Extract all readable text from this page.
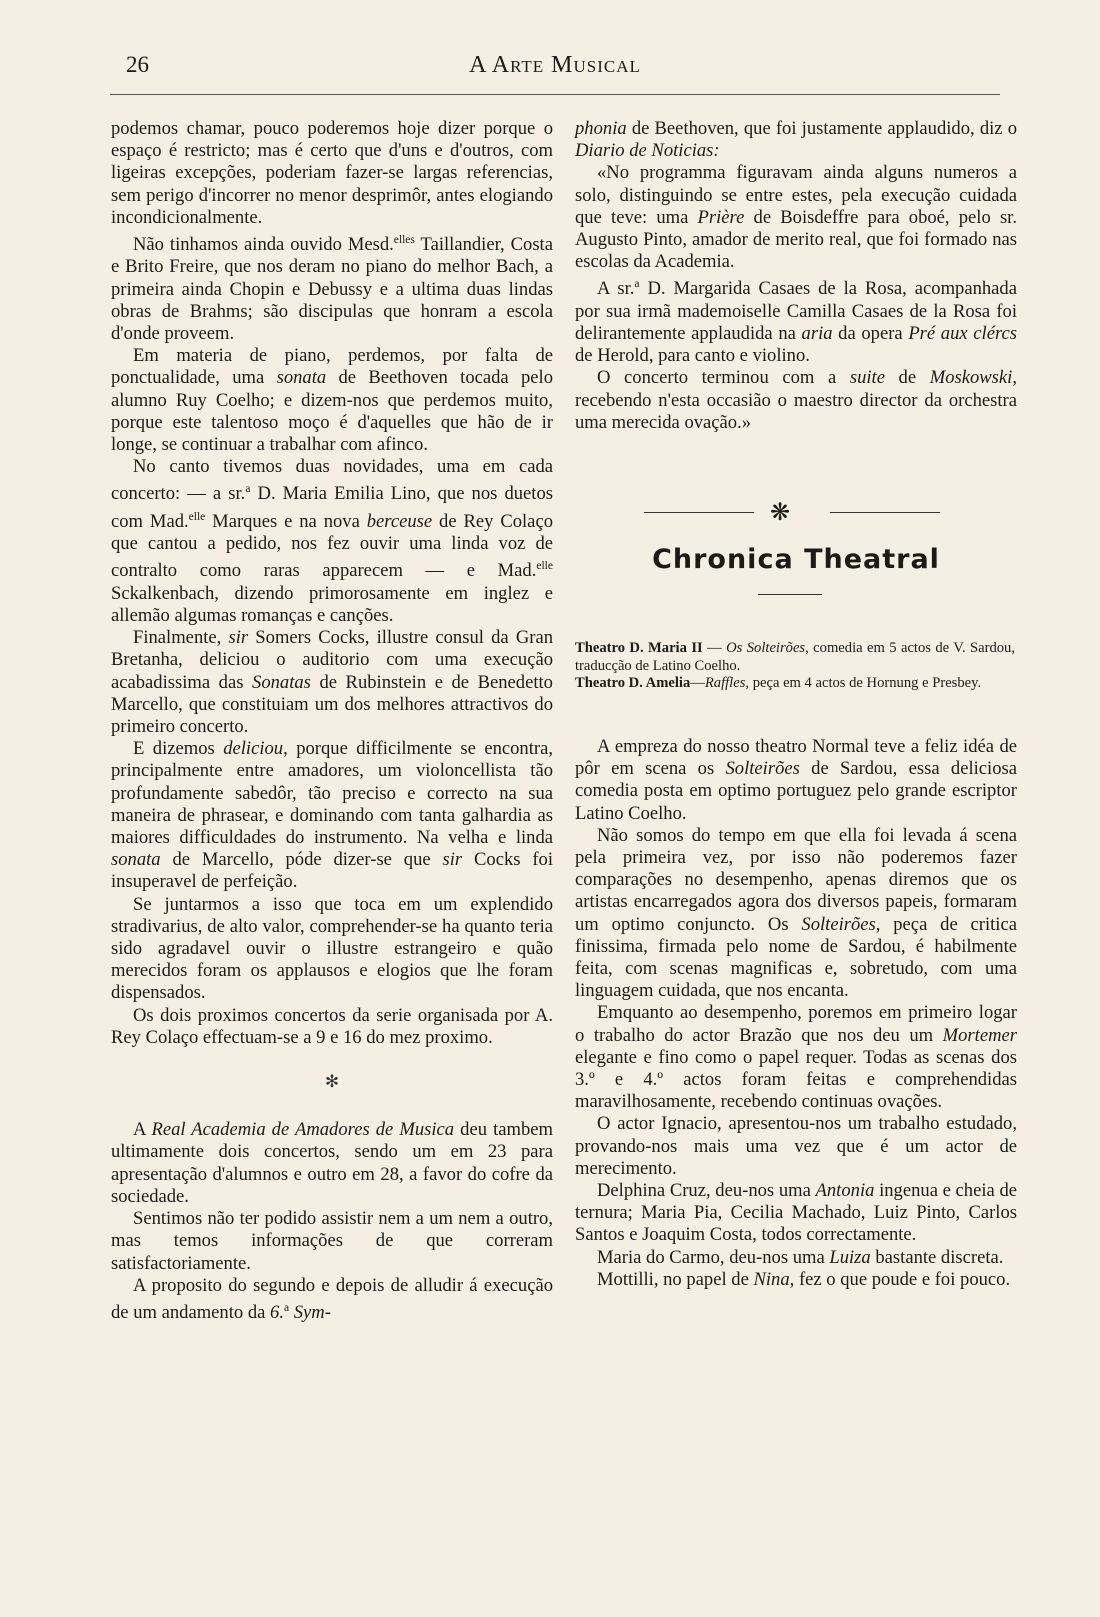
26	A Arte Musical

podemos chamar, pouco poderemos hoje dizer porque o espaço é restricto; mas é certo que d'uns e d'outros, com ligeiras excepções, poderiam fazer-se largas referencias, sem perigo d'incorrer no menor desprimôr, antes elogiando incondicionalmente.

Não tinhamos ainda ouvido Mesd.$^{elles}$ Taillandier, Costa e Brito Freire, que nos deram no piano do melhor Bach, a primeira ainda Chopin e Debussy e a ultima duas lindas obras de Brahms; são discipulas que honram a escola d'onde proveem.

Em materia de piano, perdemos, por falta de ponctualidade, uma sonata de Beethoven tocada pelo alumno Ruy Coelho; e dizem-nos que perdemos muito, porque este talentoso moço é d'aquelles que hão de ir longe, se continuar a trabalhar com afinco.

No canto tivemos duas novidades, uma em cada concerto: — a sr.$^a$ D. Maria Emilia Lino, que nos duetos com Mad.$^{elle}$ Marques e na nova berceuse de Rey Colaço que cantou a pedido, nos fez ouvir uma linda voz de contralto como raras apparecem — e Mad.$^{elle}$ Sckalkenbach, dizendo primorosamente em inglez e allemão algumas romanças e canções.

Finalmente, sir Somers Cocks, illustre consul da Gran Bretanha, deliciou o auditorio com uma execução acabadissima das Sonatas de Rubinstein e de Benedetto Marcello, que constituiam um dos melhores attractivos do primeiro concerto.

E dizemos deliciou, porque difficilmente se encontra, principalmente entre amadores, um violoncellista tão profundamente sabedôr, tão preciso e correcto na sua maneira de phrasear, e dominando com tanta galhardia as maiores difficuldades do instrumento. Na velha e linda sonata de Marcello, póde dizer-se que sir Cocks foi insuperavel de perfeição.

Se juntarmos a isso que toca em um explendido stradivarius, de alto valor, comprehender-se ha quanto teria sido agradavel ouvir o illustre estrangeiro e quão merecidos foram os applausos e elogios que lhe foram dispensados.

Os dois proximos concertos da serie organisada por A. Rey Colaço effectuam-se a 9 e 16 do mez proximo.

✻

A Real Academia de Amadores de Musica deu tambem ultimamente dois concertos, sendo um em 23 para apresentação d'alumnos e outro em 28, a favor do cofre da sociedade.

Sentimos não ter podido assistir nem a um nem a outro, mas temos informações de que correram satisfactoriamente.

A proposito do segundo e depois de alludir á execução de um andamento da 6.$^a$ Sym-

phonia de Beethoven, que foi justamente applaudido, diz o Diario de Noticias:

«No programma figuravam ainda alguns numeros a solo, distinguindo se entre estes, pela execução cuidada que teve: uma Prière de Boisdeffre para oboé, pelo sr. Augusto Pinto, amador de merito real, que foi formado nas escolas da Academia.

A sr.$^a$ D. Margarida Casaes de la Rosa, acompanhada por sua irmã mademoiselle Camilla Casaes de la Rosa foi delirantemente applaudida na aria da opera Pré aux clércs de Herold, para canto e violino.

O concerto terminou com a suite de Moskowski, recebendo n'esta occasião o maestro director da orchestra uma merecida ovação.»

❋
Chronica Theatral

Theatro D. Maria II — Os Solteirões, comedia em 5 actos de V. Sardou, traducção de Latino Coelho.

Theatro D. Amelia—Raffles, peça em 4 actos de Hornung e Presbey.

A empreza do nosso theatro Normal teve a feliz idéa de pôr em scena os Solteirões de Sardou, essa deliciosa comedia posta em optimo portuguez pelo grande escriptor Latino Coelho.

Não somos do tempo em que ella foi levada á scena pela primeira vez, por isso não poderemos fazer comparações no desempenho, apenas diremos que os artistas encarregados agora dos diversos papeis, formaram um optimo conjuncto. Os Solteirões, peça de critica finissima, firmada pelo nome de Sardou, é habilmente feita, com scenas magnificas e, sobretudo, com uma linguagem cuidada, que nos encanta.

Emquanto ao desempenho, poremos em primeiro logar o trabalho do actor Brazão que nos deu um Mortemer elegante e fino como o papel requer. Todas as scenas dos 3.º e 4.º actos foram feitas e comprehendidas maravilhosamente, recebendo continuas ovações.

O actor Ignacio, apresentou-nos um trabalho estudado, provando-nos mais uma vez que é um actor de merecimento.

Delphina Cruz, deu-nos uma Antonia ingenua e cheia de ternura; Maria Pia, Cecilia Machado, Luiz Pinto, Carlos Santos e Joaquim Costa, todos correctamente.

Maria do Carmo, deu-nos uma Luiza bastante discreta.

Mottilli, no papel de Nina, fez o que poude e foi pouco.
